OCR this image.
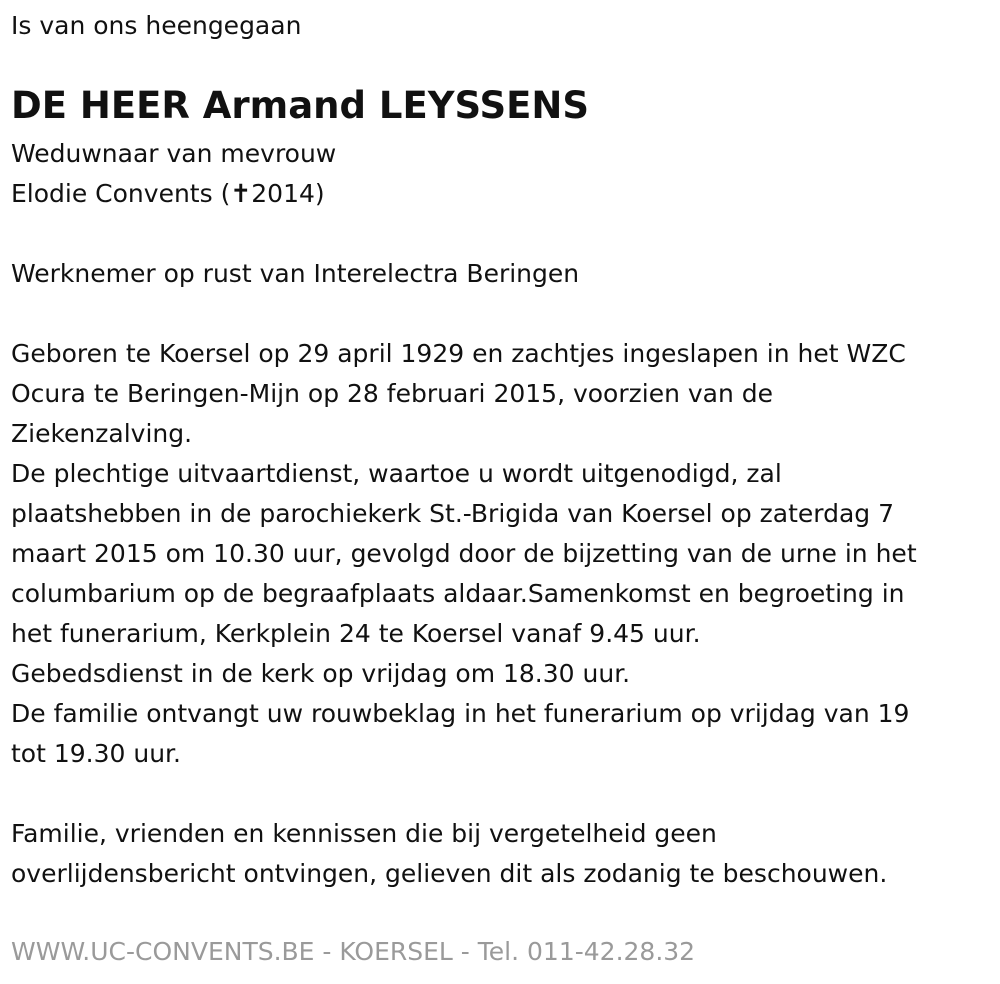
Is van ons heengegaan

DE HEER Armand LEYSSENS

Weduwnaar van mevrouw

Elodie Convents (✝2014)

Werknemer op rust van Interelectra Beringen

Geboren te Koersel op 29 april 1929 en zachtjes ingeslapen in het WZC

Ocura te Beringen-Mijn op 28 februari 2015, voorzien van de

Ziekenzalving.

De plechtige uitvaartdienst, waartoe u wordt uitgenodigd, zal

plaatshebben in de parochiekerk St.-Brigida van Koersel op zaterdag 7

maart 2015 om 10.30 uur, gevolgd door de bijzetting van de urne in het

columbarium op de begraafplaats aldaar.Samenkomst en begroeting in

het funerarium, Kerkplein 24 te Koersel vanaf 9.45 uur.

Gebedsdienst in de kerk op vrijdag om 18.30 uur.

De familie ontvangt uw rouwbeklag in het funerarium op vrijdag van 19

tot 19.30 uur.

Familie, vrienden en kennissen die bij vergetelheid geen

overlijdensbericht ontvingen, gelieven dit als zodanig te beschouwen.

WWW.UC-CONVENTS.BE - KOERSEL - Tel. 011-42.28.32
